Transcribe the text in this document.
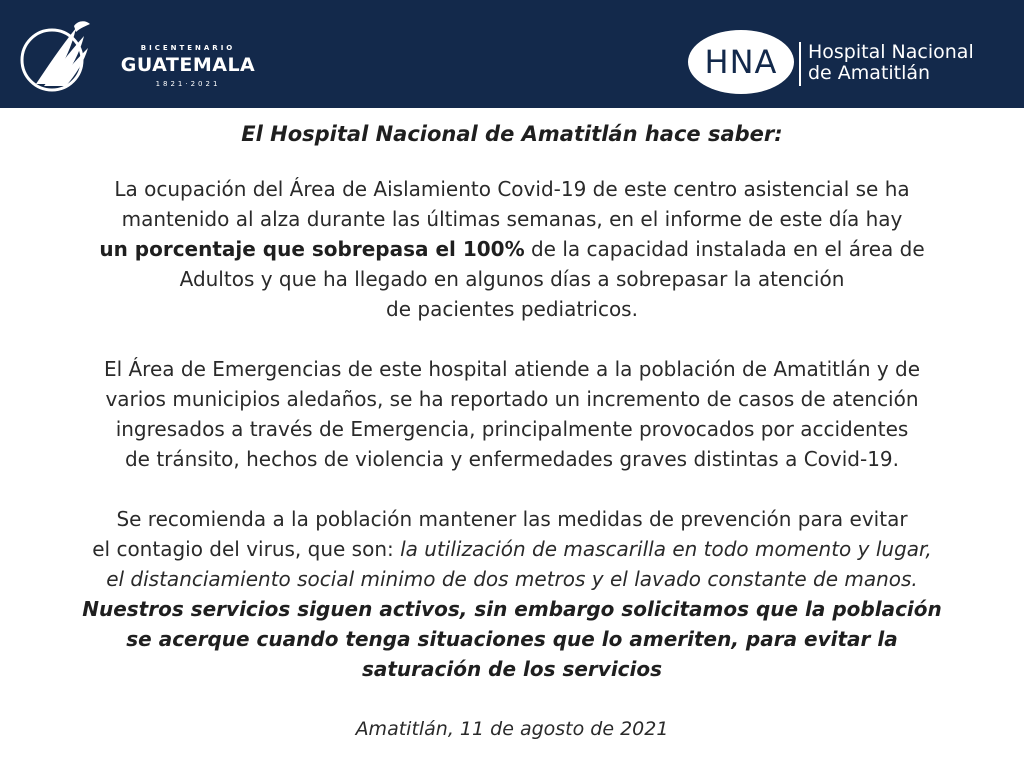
BICENTENARIO
GUATEMALA
1821·2021
HNA	Hospital Nacional
de Amatitlán
El Hospital Nacional de Amatitlán hace saber:
La ocupación del Área de Aislamiento Covid-19 de este centro asistencial se ha
mantenido al alza durante las últimas semanas, en el informe de este día hay
un porcentaje que sobrepasa el 100% de la capacidad instalada en el área de
Adultos y que ha llegado en algunos días a sobrepasar la atención
de pacientes pediatricos.
El Área de Emergencias de este hospital atiende a la población de Amatitlán y de
varios municipios aledaños, se ha reportado un incremento de casos de atención
ingresados a través de Emergencia, principalmente provocados por accidentes
de tránsito, hechos de violencia y enfermedades graves distintas a Covid-19.
Se recomienda a la población mantener las medidas de prevención para evitar
el contagio del virus, que son: la utilización de mascarilla en todo momento y lugar,
el distanciamiento social minimo de dos metros y el lavado constante de manos.
Nuestros servicios siguen activos, sin embargo solicitamos que la población
se acerque cuando tenga situaciones que lo ameriten, para evitar la
saturación de los servicios
Amatitlán, 11 de agosto de 2021
